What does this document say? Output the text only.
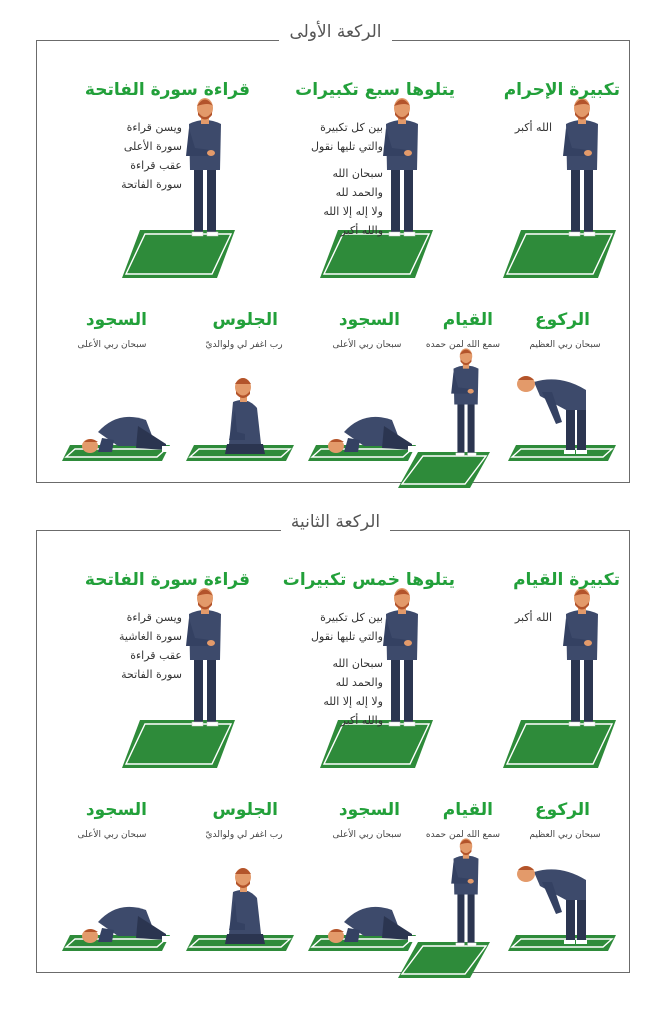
الركعة الأولى
تكبيرة الإحرام
الله أكبر
يتلوها سبع تكبيرات
بين كل تكبيرة
والتي تليها نقول
سبحان الله
والحمد لله
ولا إله إلا الله
والله أكبر
قراءة سورة الفاتحة
ويسن قراءة
سورة الأعلى
عقب قراءة
سورة الفاتحة
الركوع
سبحان ربي العظيم
القيام
سمع الله لمن حمده
السجود
سبحان ربي الأعلى
الجلوس
رب اغفر لي ولوالديّ
السجود
سبحان ربي الأعلى
الركعة الثانية
تكبيرة القيام
الله أكبر
يتلوها خمس تكبيرات
بين كل تكبيرة
والتي تليها نقول
سبحان الله
والحمد لله
ولا إله إلا الله
والله أكبر
قراءة سورة الفاتحة
ويسن قراءة
سورة الغاشية
عقب قراءة
سورة الفاتحة
الركوع
سبحان ربي العظيم
القيام
سمع الله لمن حمده
السجود
سبحان ربي الأعلى
الجلوس
رب اغفر لي ولوالديّ
السجود
سبحان ربي الأعلى
